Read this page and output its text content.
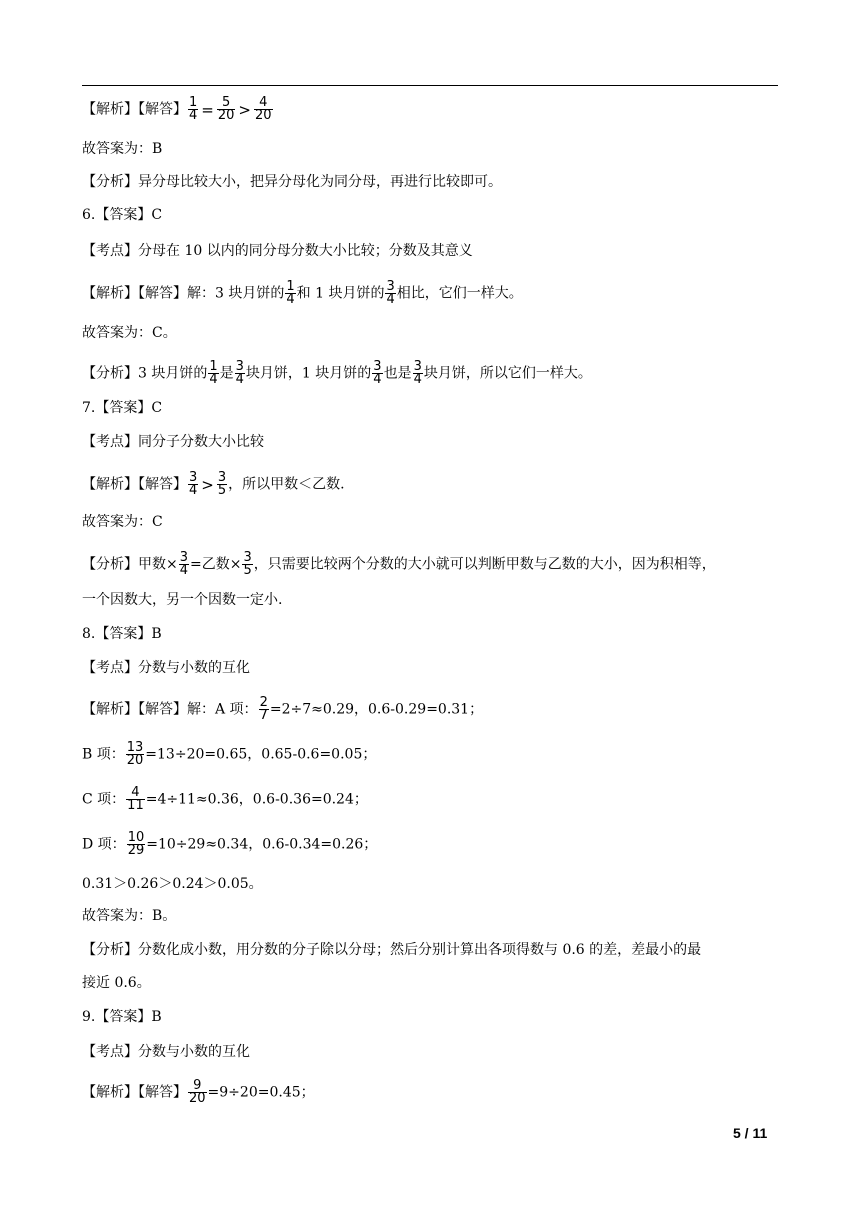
【解析】【解答】 $\frac{1}{4} = \frac{5}{20} > \frac{4}{20}$
故答案为：B
【分析】异分母比较大小，把异分母化为同分母，再进行比较即可。
6.【答案】C
【考点】分母在 10 以内的同分母分数大小比较；分数及其意义
【解析】【解答】解：3 块月饼的 $\frac{1}{4}$ 和 1 块月饼的 $\frac{3}{4}$ 相比，它们一样大。
故答案为：C。
【分析】3 块月饼的 $\frac{1}{4}$ 是 $\frac{3}{4}$ 块月饼，1 块月饼的 $\frac{3}{4}$ 也是 $\frac{3}{4}$ 块月饼，所以它们一样大。
7.【答案】C
【考点】同分子分数大小比较
【解析】【解答】 $\frac{3}{4} > \frac{3}{5}$ ，所以甲数＜乙数.
故答案为：C
【分析】甲数× $\frac{3}{4}$ =乙数× $\frac{3}{5}$ ，只需要比较两个分数的大小就可以判断甲数与乙数的大小，因为积相等，
一个因数大，另一个因数一定小.
8.【答案】B
【考点】分数与小数的互化
【解析】【解答】解：A 项： $\frac{2}{7} =2\div 7\approx 0.29$，0.6-0.29=0.31；
B 项： $\frac{13}{20} =13\div 20=0.65$，0.65-0.6=0.05；
C 项： $\frac{4}{11} =4\div 11\approx 0.36$，0.6-0.36=0.24；
D 项： $\frac{10}{29} =10\div 29\approx 0.34$，0.6-0.34=0.26；
0.31＞0.26＞0.24＞0.05。
故答案为：B。
【分析】分数化成小数，用分数的分子除以分母；然后分别计算出各项得数与 0.6 的差，差最小的最
接近 0.6。
9.【答案】B
【考点】分数与小数的互化
【解析】【解答】 $\frac{9}{20} =9\div 20=0.45$；
5 / 11
